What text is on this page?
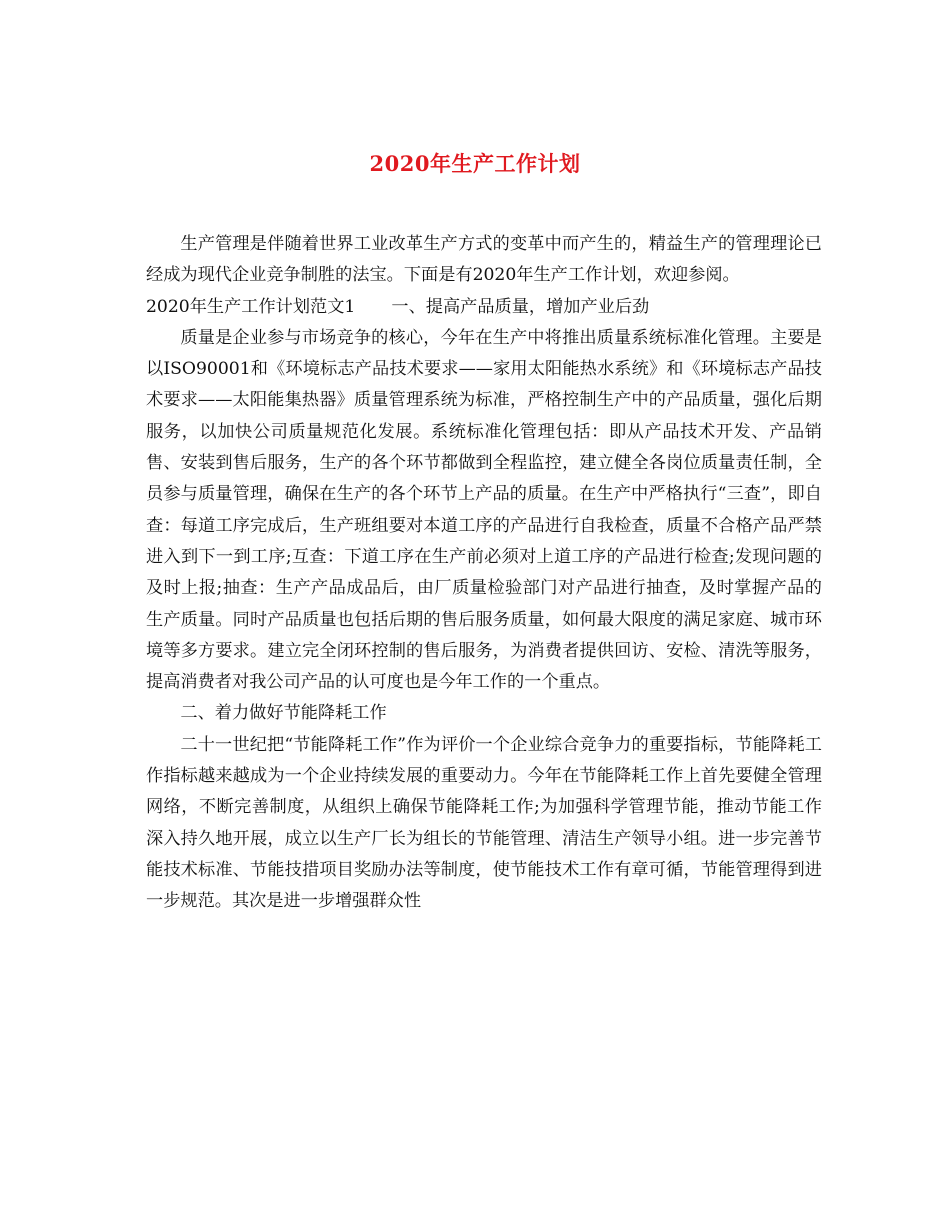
2020年生产工作计划

生产管理是伴随着世界工业改革生产方式的变革中而产生的，精益生产的管理理论已经成为现代企业竞争制胜的法宝。下面是有2020年生产工作计划，欢迎参阅。

2020年生产工作计划范文1 一、提高产品质量，增加产业后劲

质量是企业参与市场竞争的核心，今年在生产中将推出质量系统标准化管理。主要是以ISO90001和《环境标志产品技术要求——家用太阳能热水系统》和《环境标志产品技术要求——太阳能集热器》质量管理系统为标准，严格控制生产中的产品质量，强化后期服务，以加快公司质量规范化发展。系统标准化管理包括：即从产品技术开发、产品销售、安装到售后服务，生产的各个环节都做到全程监控，建立健全各岗位质量责任制，全员参与质量管理，确保在生产的各个环节上产品的质量。在生产中严格执行“三查”，即自查：每道工序完成后，生产班组要对本道工序的产品进行自我检查，质量不合格产品严禁进入到下一到工序;互查：下道工序在生产前必须对上道工序的产品进行检查;发现问题的及时上报;抽查：生产产品成品后，由厂质量检验部门对产品进行抽查，及时掌握产品的生产质量。同时产品质量也包括后期的售后服务质量，如何最大限度的满足家庭、城市环境等多方要求。建立完全闭环控制的售后服务，为消费者提供回访、安检、清洗等服务，提高消费者对我公司产品的认可度也是今年工作的一个重点。

二、着力做好节能降耗工作

二十一世纪把“节能降耗工作”作为评价一个企业综合竞争力的重要指标，节能降耗工作指标越来越成为一个企业持续发展的重要动力。今年在节能降耗工作上首先要健全管理网络，不断完善制度，从组织上确保节能降耗工作;为加强科学管理节能，推动节能工作深入持久地开展，成立以生产厂长为组长的节能管理、清洁生产领导小组。进一步完善节能技术标准、节能技措项目奖励办法等制度，使节能技术工作有章可循，节能管理得到进一步规范。其次是进一步增强群众性
